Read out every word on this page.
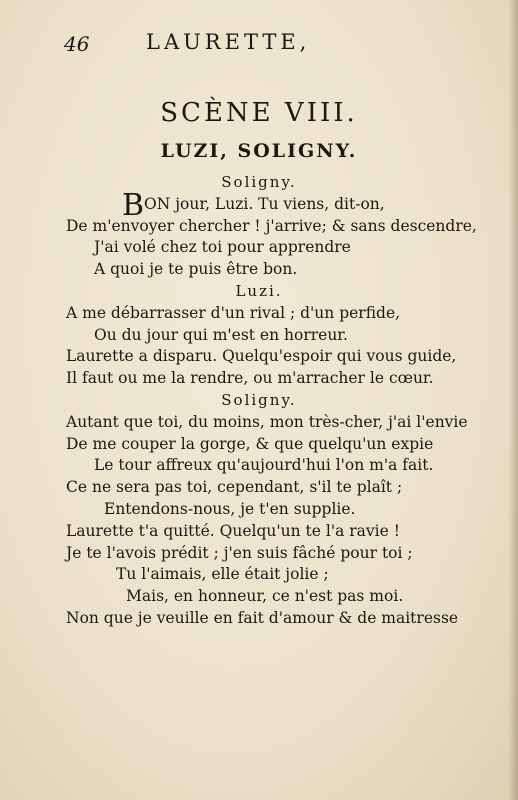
46	LAURETTE,
SCÈNE VIII.
LUZI, SOLIGNY.
Soligny.
BON jour, Luzi. Tu viens, dit-on,
De m'envoyer chercher ! j'arrive; & sans descendre,
J'ai volé chez toi pour apprendre
A quoi je te puis être bon.
Luzi.
A me débarrasser d'un rival ; d'un perfide,
Ou du jour qui m'est en horreur.
Laurette a disparu. Quelqu'espoir qui vous guide,
Il faut ou me la rendre, ou m'arracher le cœur.
Soligny.
Autant que toi, du moins, mon très-cher, j'ai l'envie
De me couper la gorge, & que quelqu'un expie
Le tour affreux qu'aujourd'hui l'on m'a fait.
Ce ne sera pas toi, cependant, s'il te plaît ;
Entendons-nous, je t'en supplie.
Laurette t'a quitté. Quelqu'un te l'a ravie !
Je te l'avois prédit ; j'en suis fâché pour toi ;
Tu l'aimais, elle était jolie ;
Mais, en honneur, ce n'est pas moi.
Non que je veuille en fait d'amour & de maitresse
